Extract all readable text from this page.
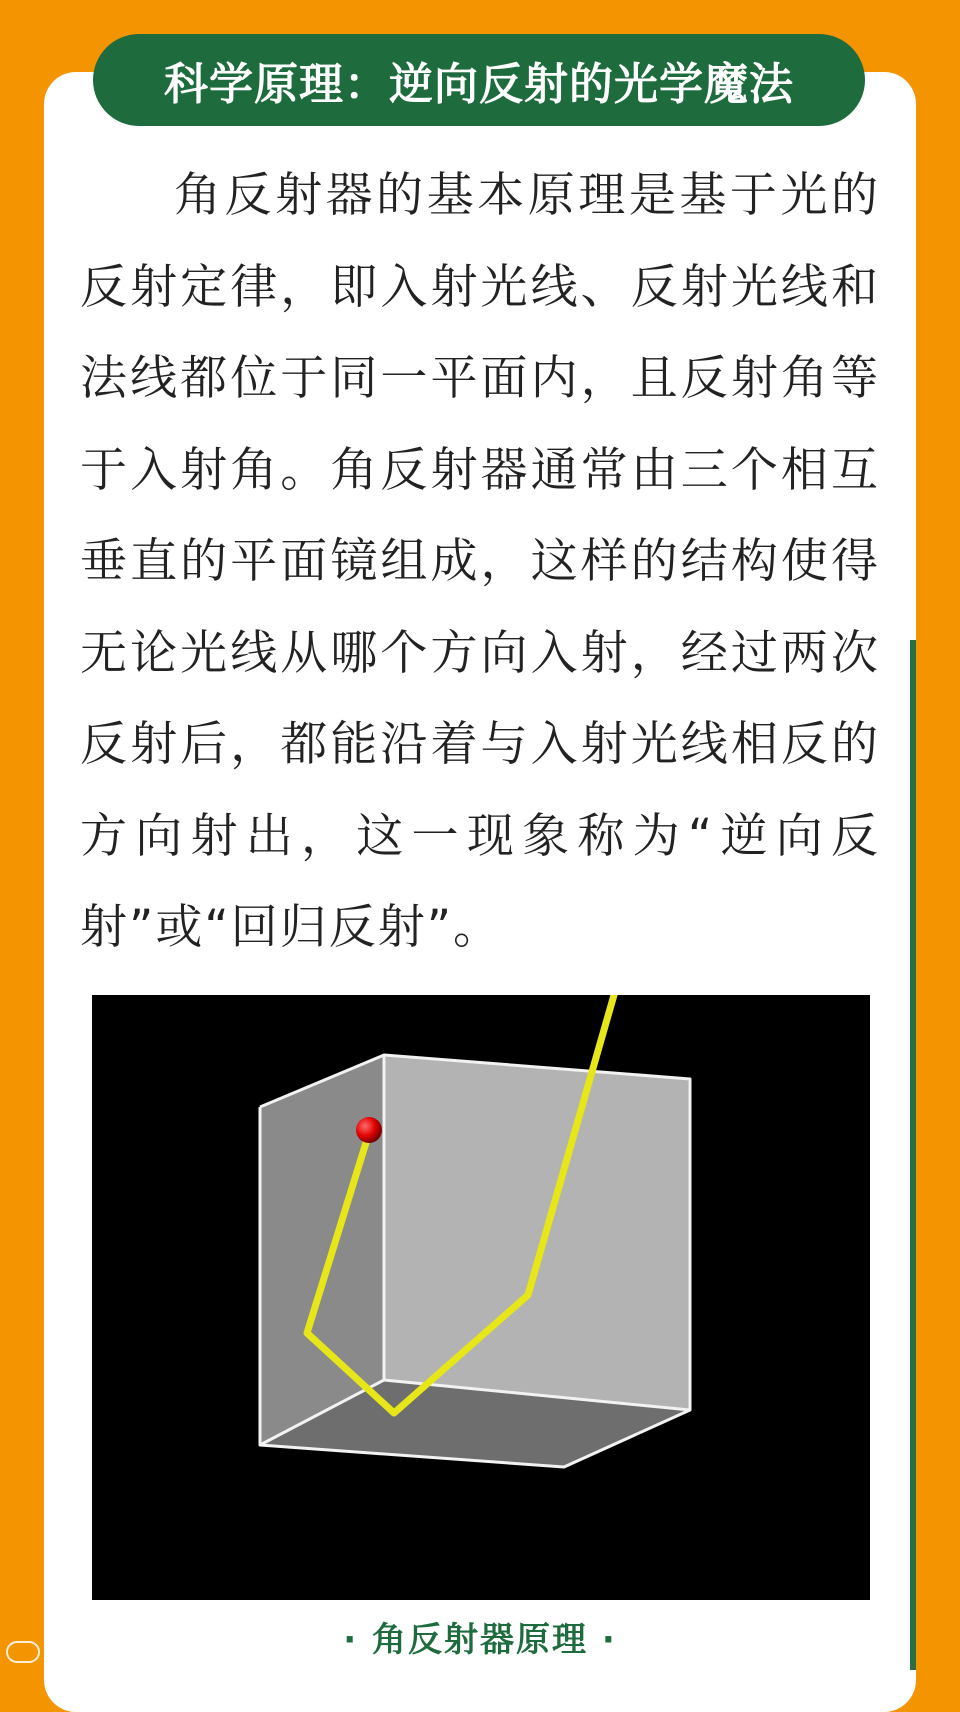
科学原理：逆向反射的光学魔法
角反射器的基本原理是基于光的反射定律，即入射光线、反射光线和法线都位于同一平面内，且反射角等于入射角。角反射器通常由三个相互垂直的平面镜组成，这样的结构使得无论光线从哪个方向入射，经过两次反射后，都能沿着与入射光线相反的方向射出，这一现象称为“逆向反射”或“回归反射”。
· 角反射器原理 ·
大数跨境
